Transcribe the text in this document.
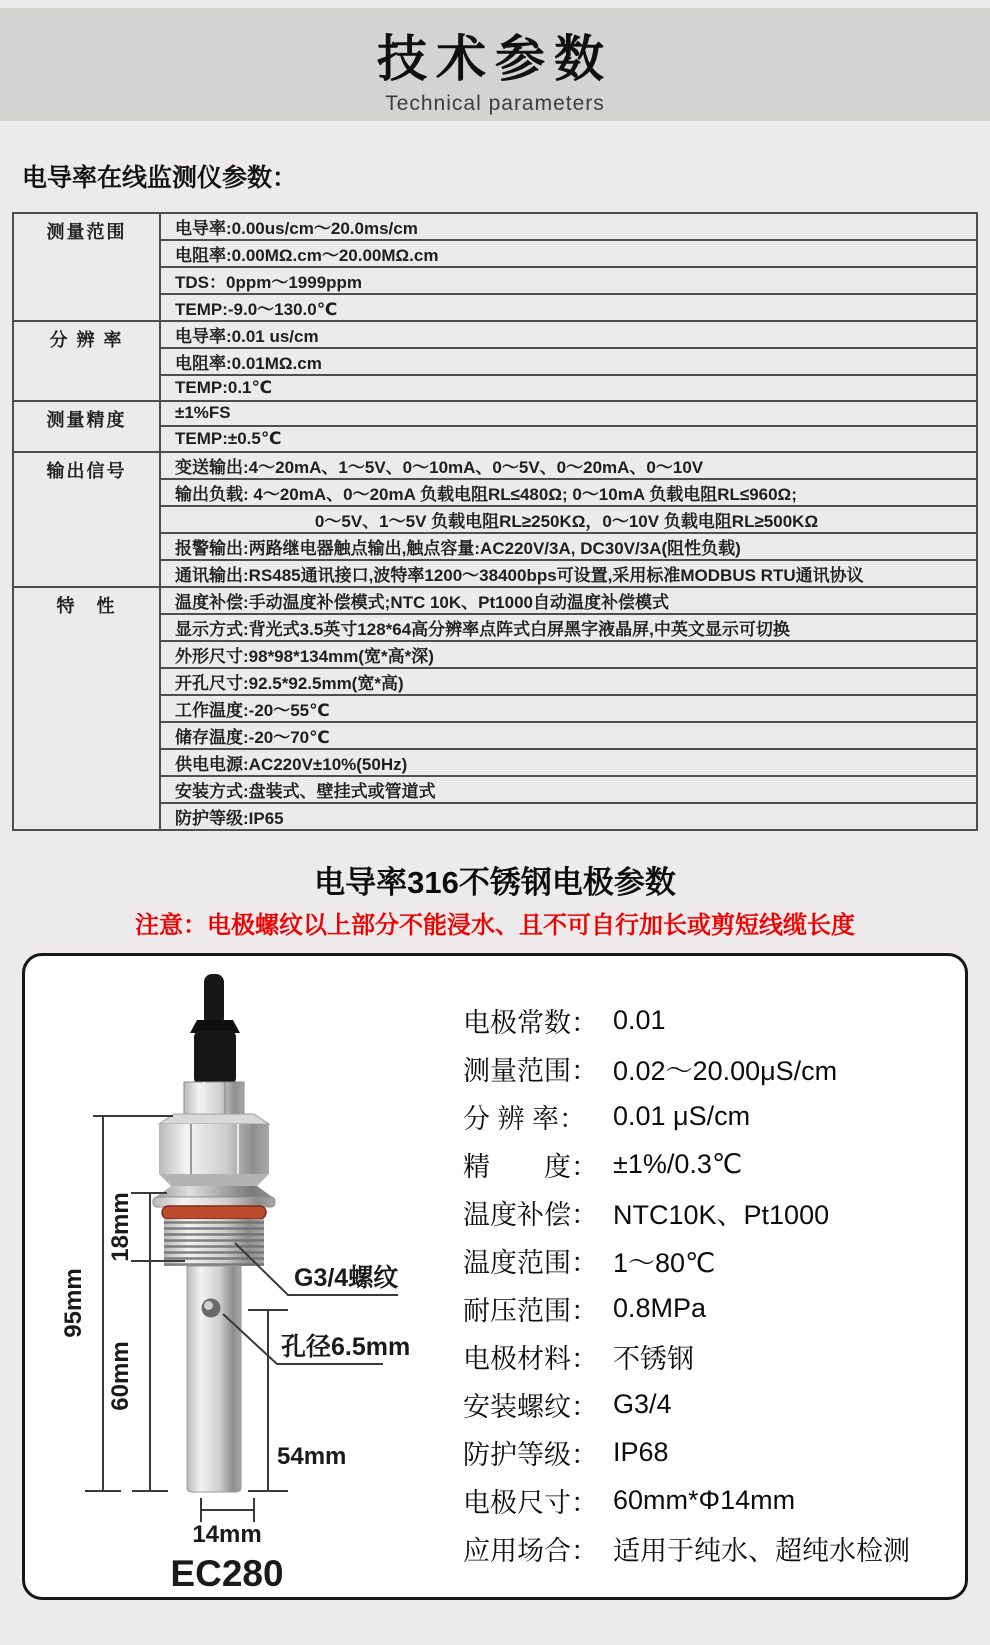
技术参数
Technical parameters
电导率在线监测仪参数：
测量范围	电导率:0.00us/cm～20.0ms/cm
	电阻率:0.00MΩ.cm～20.00MΩ.cm
	TDS：0ppm～1999ppm
	TEMP:-9.0～130.0℃
分 辨 率	电导率:0.01 us/cm
	电阻率:0.01MΩ.cm
	TEMP:0.1℃
测量精度	±1%FS
	TEMP:±0.5℃
输出信号	变送输出:4～20mA、1～5V、0～10mA、0～5V、0～20mA、0～10V
	输出负载: 4～20mA、0～20mA 负载电阻RL≤480Ω; 0～10mA 负载电阻RL≤960Ω;
	0～5V、1～5V 负载电阻RL≥250KΩ，0～10V 负载电阻RL≥500KΩ
	报警输出:两路继电器触点输出,触点容量:AC220V/3A, DC30V/3A(阻性负载)
	通讯输出:RS485通讯接口,波特率1200～38400bps可设置,采用标准MODBUS RTU通讯协议
特　性	温度补偿:手动温度补偿模式;NTC 10K、Pt1000自动温度补偿模式
	显示方式:背光式3.5英寸128*64高分辨率点阵式白屏黑字液晶屏,中英文显示可切换
	外形尺寸:98*98*134mm(宽*高*深)
	开孔尺寸:92.5*92.5mm(宽*高)
	工作温度:-20～55℃
	储存温度:-20～70℃
	供电电源:AC220V±10%(50Hz)
	安装方式:盘装式、壁挂式或管道式
	防护等级:IP65
电导率316不锈钢电极参数
注意：电极螺纹以上部分不能浸水、且不可自行加长或剪短线缆长度
95mm
18mm
60mm
54mm
14mm
G3/4螺纹
孔径6.5mm
EC280
电极常数： 0.01
测量范围： 0.02～20.00μS/cm
分 辨 率： 0.01 μS/cm
精　　度： ±1%/0.3℃
温度补偿： NTC10K、Pt1000
温度范围： 1～80℃
耐压范围： 0.8MPa
电极材料： 不锈钢
安装螺纹： G3/4
防护等级： IP68
电极尺寸： 60mm*Φ14mm
应用场合： 适用于纯水、超纯水检测
